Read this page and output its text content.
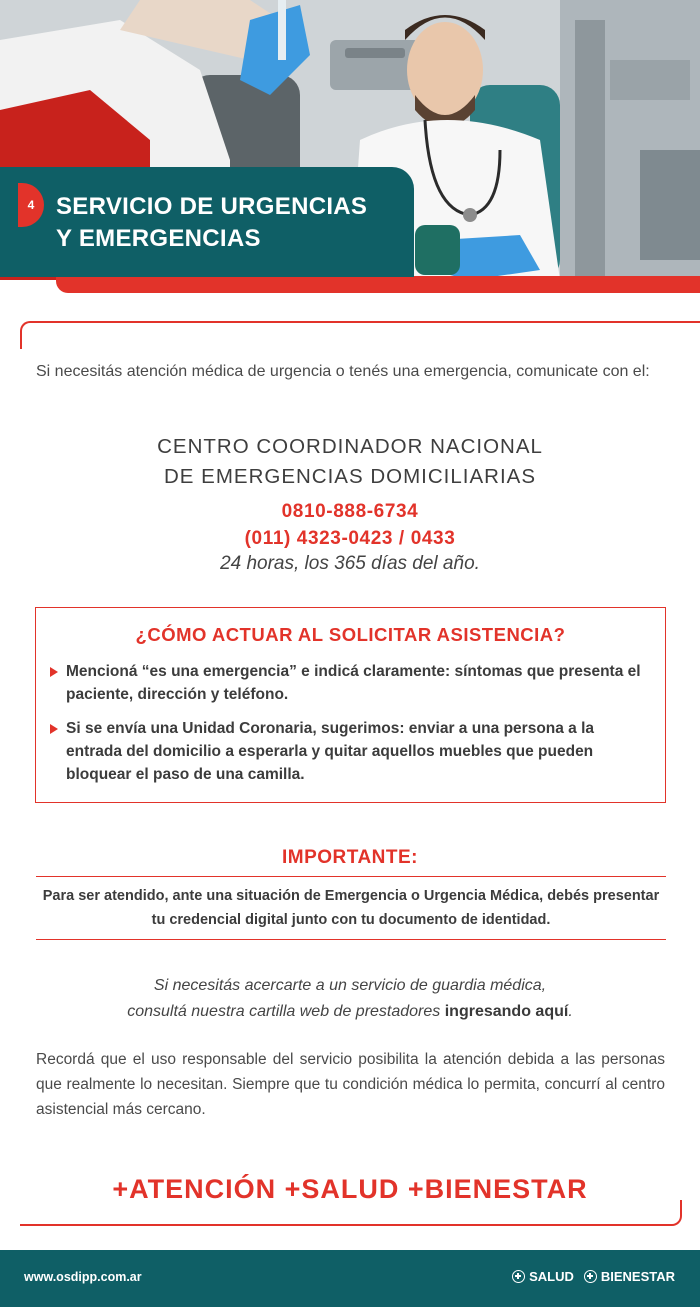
4 SERVICIO DE URGENCIAS
Y EMERGENCIAS

Si necesitás atención médica de urgencia o tenés una emergencia, comunicate con el:

CENTRO COORDINADOR NACIONAL
DE EMERGENCIAS DOMICILIARIAS
0810-888-6734
(011) 4323-0423 / 0433
24 horas, los 365 días del año.
¿CÓMO ACTUAR AL SOLICITAR ASISTENCIA?
Mencioná “es una emergencia” e indicá claramente: síntomas que presenta el paciente, dirección y teléfono.
Si se envía una Unidad Coronaria, sugerimos: enviar a una persona a la entrada del domicilio a esperarla y quitar aquellos muebles que pueden bloquear el paso de una camilla.
IMPORTANTE:
Para ser atendido, ante una situación de Emergencia o Urgencia Médica, debés presentar tu credencial digital junto con tu documento de identidad.
Si necesitás acercarte a un servicio de guardia médica,
consultá nuestra cartilla web de prestadores ingresando aquí.

Recordá que el uso responsable del servicio posibilita la atención debida a las personas que realmente lo necesitan. Siempre que tu condición médica lo permita, concurrí al centro asistencial más cercano.

+ATENCIÓN +SALUD +BIENESTAR
www.osdipp.com.ar	SALUD BIENESTAR
